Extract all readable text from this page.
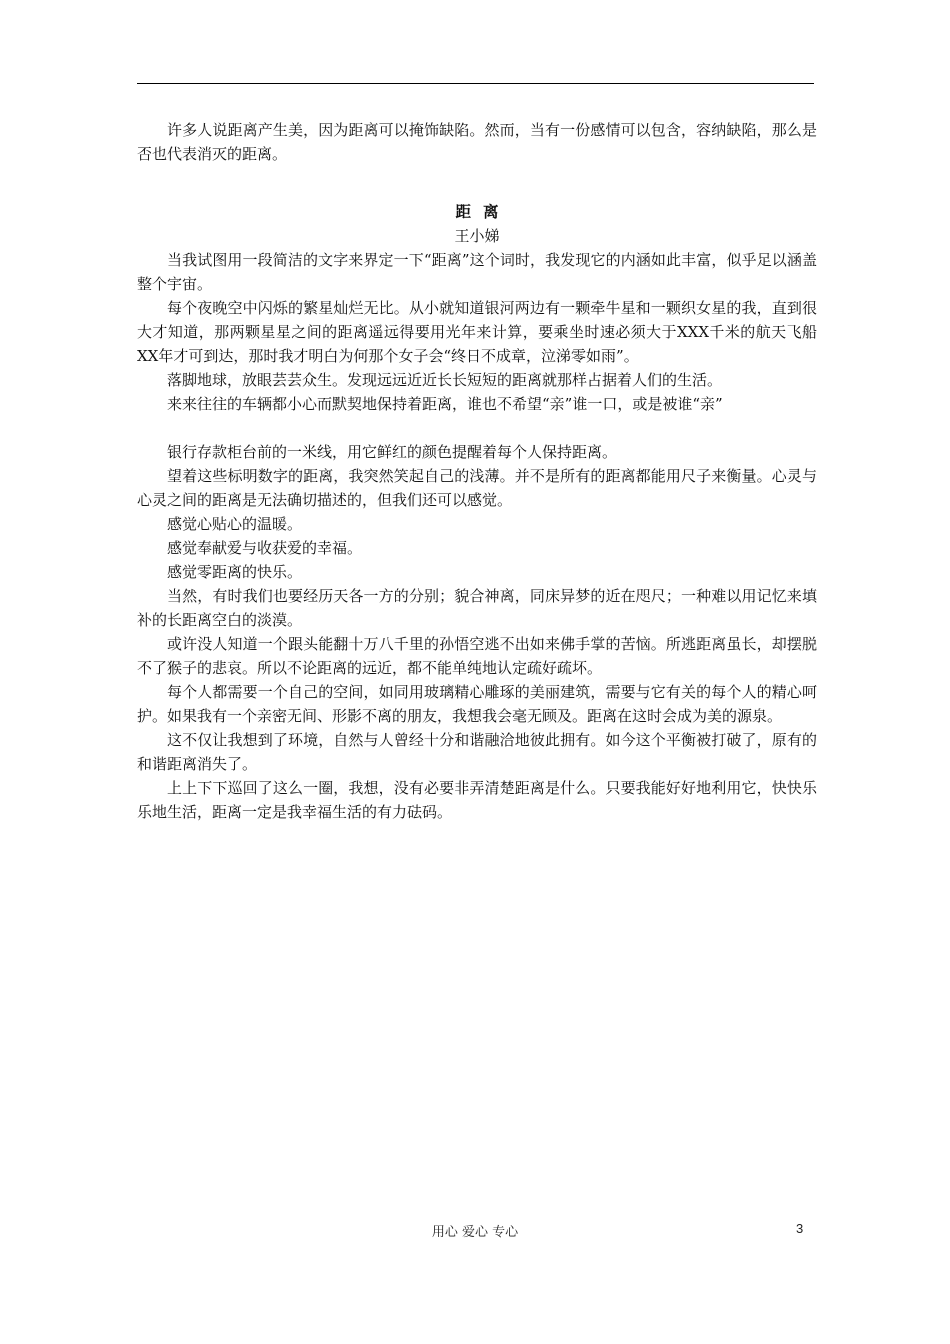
许多人说距离产生美，因为距离可以掩饰缺陷。然而，当有一份感情可以包含，容纳缺陷，那么是否也代表消灭的距离。

距离

王小娣

当我试图用一段简洁的文字来界定一下“距离”这个词时，我发现它的内涵如此丰富，似乎足以涵盖整个宇宙。

每个夜晚空中闪烁的繁星灿烂无比。从小就知道银河两边有一颗牵牛星和一颗织女星的我，直到很大才知道，那两颗星星之间的距离遥远得要用光年来计算，要乘坐时速必须大于XXX千米的航天飞船XX年才可到达，那时我才明白为何那个女子会“终日不成章，泣涕零如雨”。

落脚地球，放眼芸芸众生。发现远远近近长长短短的距离就那样占据着人们的生活。

来来往往的车辆都小心而默契地保持着距离，谁也不希望“亲”谁一口，或是被谁“亲”

银行存款柜台前的一米线，用它鲜红的颜色提醒着每个人保持距离。

望着这些标明数字的距离，我突然笑起自己的浅薄。并不是所有的距离都能用尺子来衡量。心灵与心灵之间的距离是无法确切描述的，但我们还可以感觉。

感觉心贴心的温暖。

感觉奉献爱与收获爱的幸福。

感觉零距离的快乐。

当然，有时我们也要经历天各一方的分别；貌合神离，同床异梦的近在咫尺；一种难以用记忆来填补的长距离空白的淡漠。

或许没人知道一个跟头能翻十万八千里的孙悟空逃不出如来佛手掌的苦恼。所逃距离虽长，却摆脱不了猴子的悲哀。所以不论距离的远近，都不能单纯地认定疏好疏坏。

每个人都需要一个自己的空间，如同用玻璃精心雕琢的美丽建筑，需要与它有关的每个人的精心呵护。如果我有一个亲密无间、形影不离的朋友，我想我会毫无顾及。距离在这时会成为美的源泉。

这不仅让我想到了环境，自然与人曾经十分和谐融洽地彼此拥有。如今这个平衡被打破了，原有的和谐距离消失了。

上上下下巡回了这么一圈，我想，没有必要非弄清楚距离是什么。只要我能好好地利用它，快快乐乐地生活，距离一定是我幸福生活的有力砝码。

用心 爱心 专心	3
